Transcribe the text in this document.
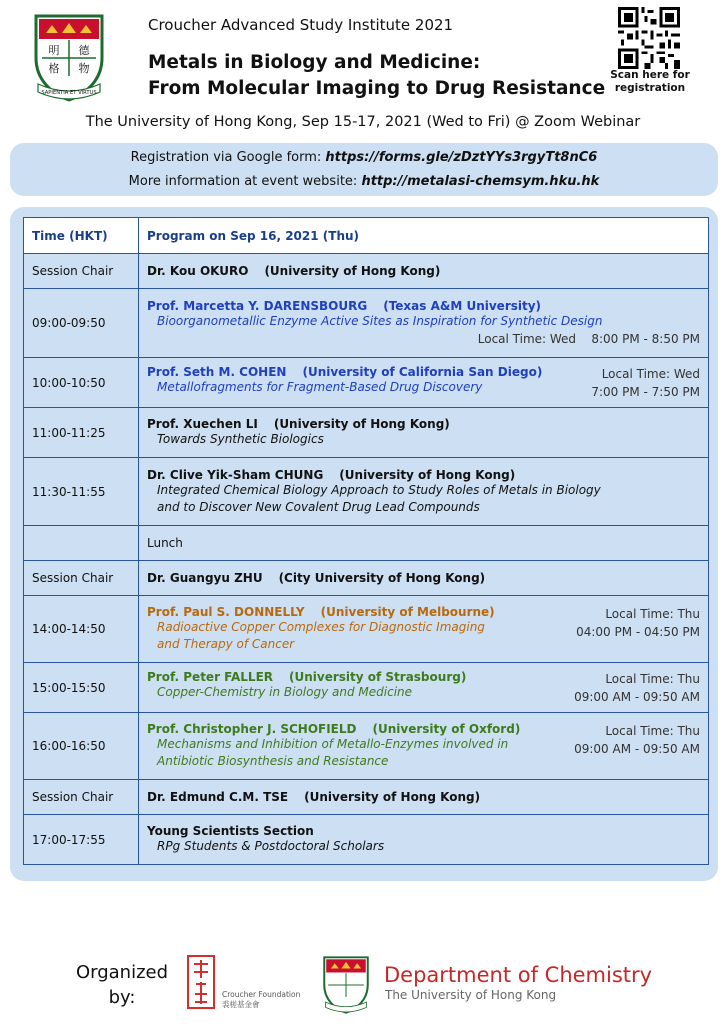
明 德
格 物
SAPIENTIA ET VIRTUS
Croucher Advanced Study Institute 2021
Metals in Biology and Medicine:
From Molecular Imaging to Drug Resistance
Scan here for
registration
The University of Hong Kong, Sep 15-17, 2021 (Wed to Fri) @ Zoom Webinar
Registration via Google form: https://forms.gle/zDztYYs3rgyTt8nC6
More information at event website: http://metalasi-chemsym.hku.hk
Time (HKT)	Program on Sep 16, 2021 (Thu)
Session Chair	Dr. Kou OKURO (University of Hong Kong)
09:00-09:50	Prof. Marcetta Y. DARENSBOURG (Texas A&M University)
Bioorganometallic Enzyme Active Sites as Inspiration for Synthetic Design
Local Time: Wed 8:00 PM - 8:50 PM

10:00-10:50	Prof. Seth M. COHEN (University of California San Diego)
Metallofragments for Fragment-Based Drug Discovery
Local Time: Wed
7:00 PM - 7:50 PM

11:00-11:25	Prof. Xuechen LI (University of Hong Kong)
Towards Synthetic Biologics

11:30-11:55	Dr. Clive Yik-Sham CHUNG (University of Hong Kong)
Integrated Chemical Biology Approach to Study Roles of Metals in Biology
and to Discover New Covalent Drug Lead Compounds

	Lunch
Session Chair	Dr. Guangyu ZHU (City University of Hong Kong)
14:00-14:50	Prof. Paul S. DONNELLY (University of Melbourne)
Radioactive Copper Complexes for Diagnostic Imaging
and Therapy of Cancer
Local Time: Thu
04:00 PM - 04:50 PM

15:00-15:50	Prof. Peter FALLER (University of Strasbourg)
Copper-Chemistry in Biology and Medicine
Local Time: Thu
09:00 AM - 09:50 AM

16:00-16:50	Prof. Christopher J. SCHOFIELD (University of Oxford)
Mechanisms and Inhibition of Metallo-Enzymes involved in
Antibiotic Biosynthesis and Resistance
Local Time: Thu
09:00 AM - 09:50 AM

Session Chair	Dr. Edmund C.M. TSE (University of Hong Kong)
17:00-17:55	Young Scientists Section
RPg Students & Postdoctoral Scholars
Organized
by:	Croucher Foundation
裘槎基金會
Department of Chemistry
The University of Hong Kong
